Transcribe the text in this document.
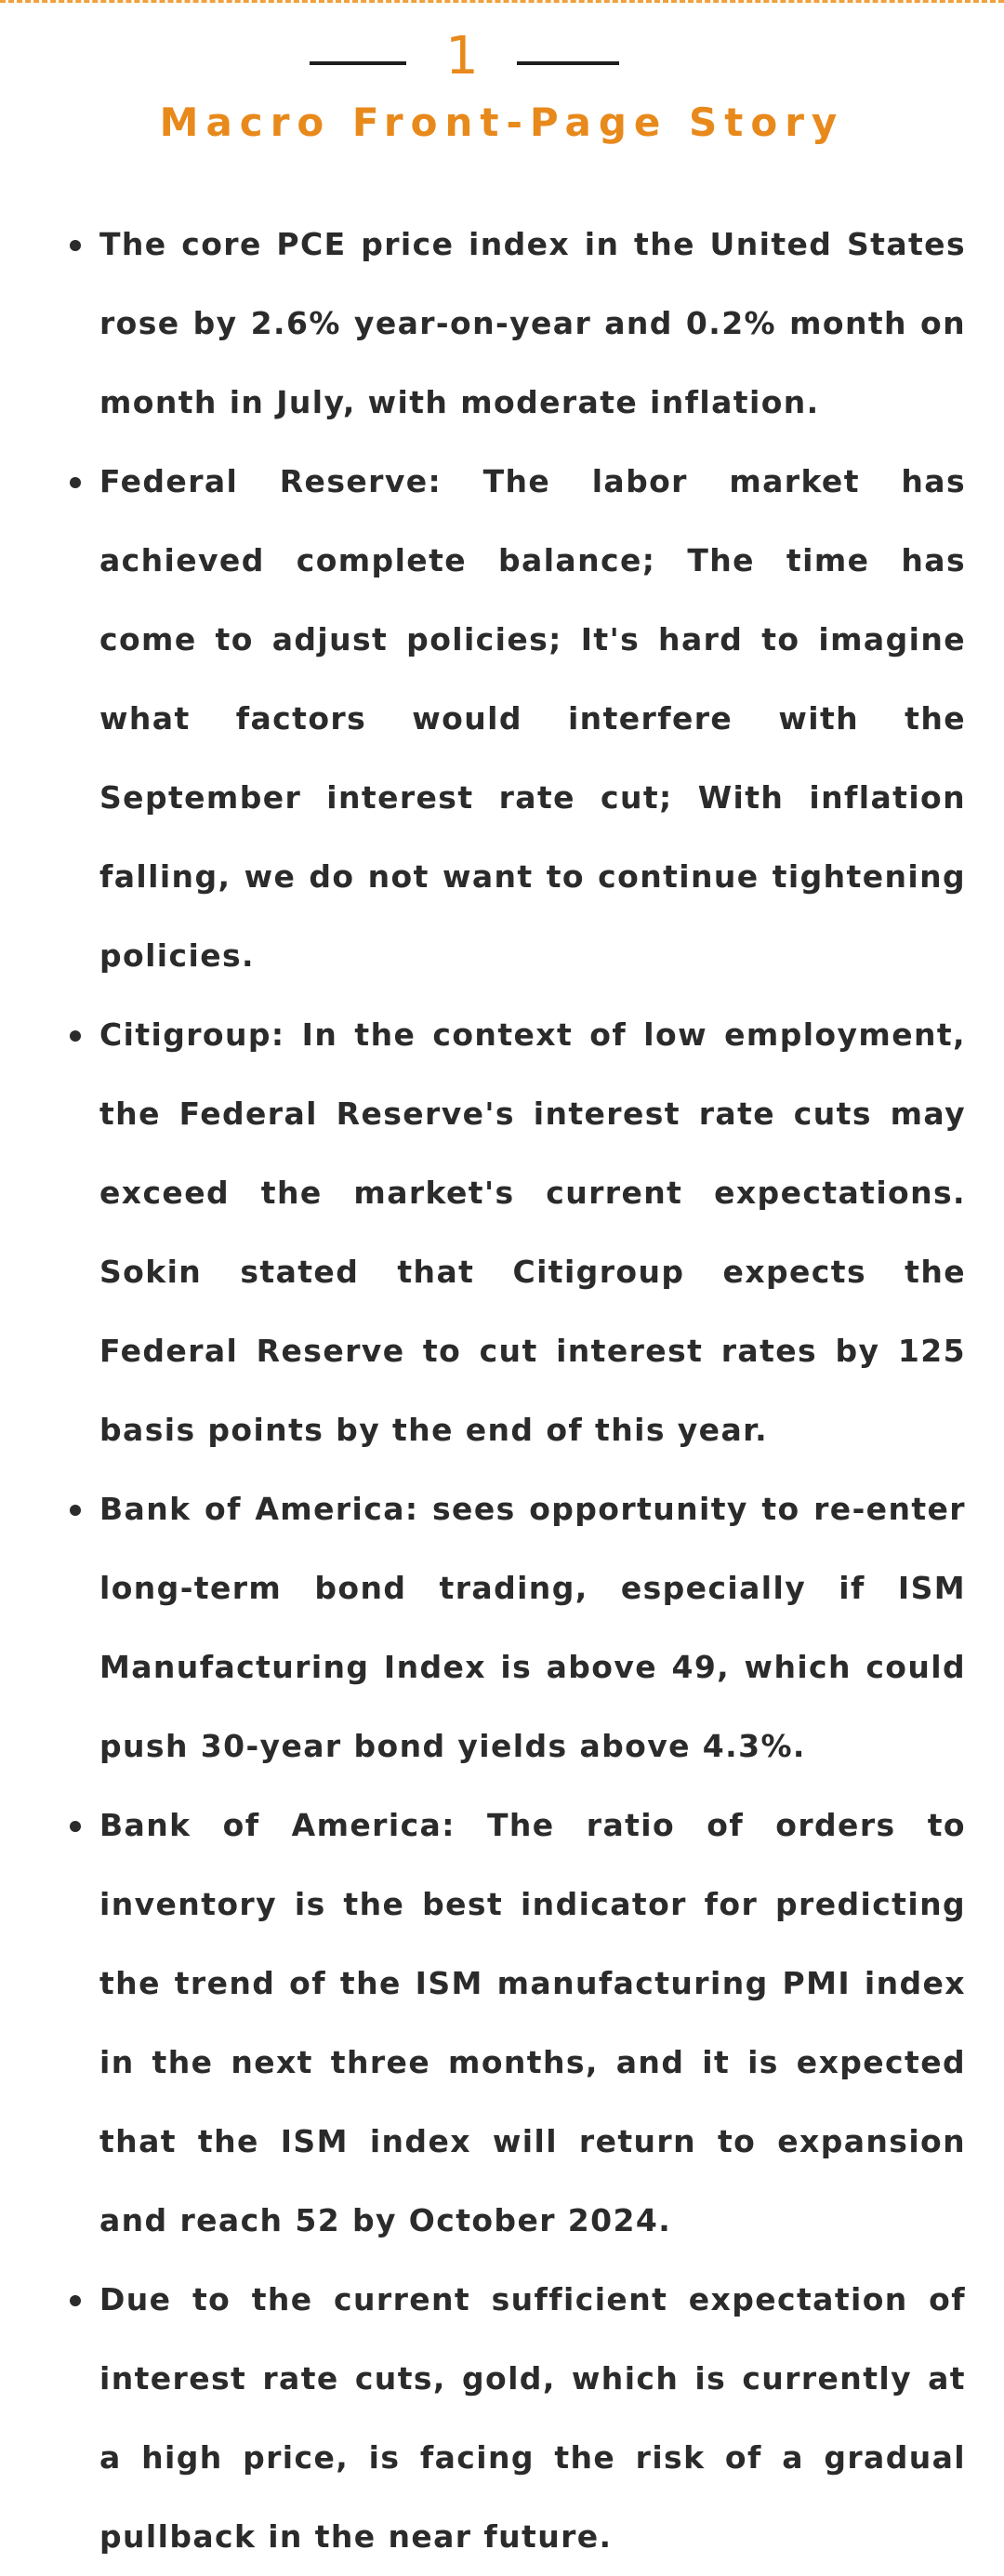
1
Macro Front-Page Story
The core PCE price index in the United States rose by 2.6% year-on-year and 0.2% month on month in July, with moderate inflation.
Federal Reserve: The labor market has achieved complete balance; The time has come to adjust policies; It's hard to imagine what factors would interfere with the September interest rate cut; With inflation falling, we do not want to continue tightening policies.
Citigroup: In the context of low employment, the Federal Reserve's interest rate cuts may exceed the market's current expectations. Sokin stated that Citigroup expects the Federal Reserve to cut interest rates by 125 basis points by the end of this year.
Bank of America: sees opportunity to re-enter long-term bond trading, especially if ISM Manufacturing Index is above 49, which could push 30-year bond yields above 4.3%.
Bank of America: The ratio of orders to inventory is the best indicator for predicting the trend of the ISM manufacturing PMI index in the next three months, and it is expected that the ISM index will return to expansion and reach 52 by October 2024.
Due to the current sufficient expectation of interest rate cuts, gold, which is currently at a high price, is facing the risk of a gradual pullback in the near future.
